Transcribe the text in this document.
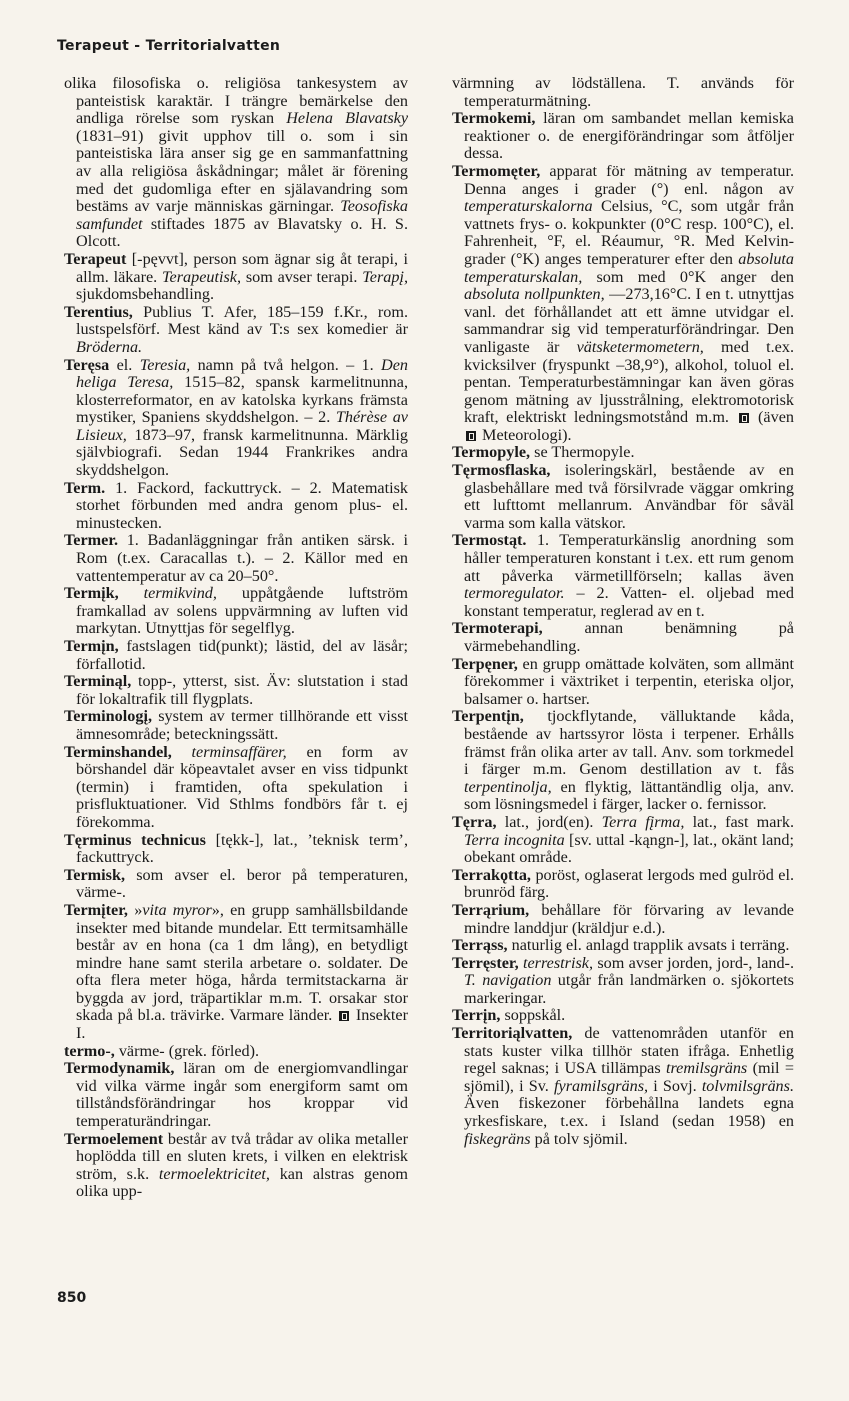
Terapeut - Territorialvatten

olika filosofiska o. religiösa tankesystem av panteistisk karaktär. I trängre bemärkelse den andliga rörelse som ryskan Helena Blavatsky (1831–91) givit upphov till o. som i sin panteistiska lära anser sig ge en sammanfattning av alla religiösa åskådningar; målet är förening med det gudomliga efter en själavandring som bestäms av varje människas gärningar. Teosofiska samfundet stiftades 1875 av Blavatsky o. H. S. Olcott.

Terapeut [-pęvvt], person som ägnar sig åt terapi, i allm. läkare. Terapeutisk, som avser terapi. Terapį, sjukdomsbehandling.

Terentius, Publius T. Afer, 185–159 f.Kr., rom. lustspelsförf. Mest känd av T:s sex komedier är Bröderna.

Teręsa el. Teresia, namn på två helgon. – 1. Den heliga Teresa, 1515–82, spansk karmelitnunna, klosterreformator, en av katolska kyrkans främsta mystiker, Spaniens skyddshelgon. – 2. Thérèse av Lisieux, 1873–97, fransk karmelitnunna. Märklig självbiografi. Sedan 1944 Frankrikes andra skyddshelgon.

Term. 1. Fackord, fackuttryck. – 2. Matematisk storhet förbunden med andra genom plus- el. minustecken.

Termer. 1. Badanläggningar från antiken särsk. i Rom (t.ex. Caracallas t.). – 2. Källor med en vattentemperatur av ca 20–50°.

Termįk, termikvind, uppåtgående luftström framkallad av solens uppvärmning av luften vid markytan. Utnyttjas för segelflyg.

Termįn, fastslagen tid(punkt); lästid, del av läsår; förfallotid.

Terminąl, topp-, ytterst, sist. Äv: slutstation i stad för lokaltrafik till flygplats.

Terminologį, system av termer tillhörande ett visst ämnesområde; beteckningssätt.

Terminshandel, terminsaffärer, en form av börshandel där köpeavtalet avser en viss tidpunkt (termin) i framtiden, ofta spekulation i prisfluktuationer. Vid Sthlms fondbörs får t. ej förekomma.

Tęrminus technicus [tękk-], lat., ’teknisk term’, fackuttryck.

Termisk, som avser el. beror på temperaturen, värme-.

Termįter, »vita myror», en grupp samhällsbildande insekter med bitande mundelar. Ett termitsamhälle består av en hona (ca 1 dm lång), en betydligt mindre hane samt sterila arbetare o. soldater. De ofta flera meter höga, hårda termitstackarna är byggda av jord, träpartiklar m.m. T. orsakar stor skada på bl.a. trävirke. Varmare länder.  Insekter I.

termo-, värme- (grek. förled).

Termodynamik, läran om de energiomvandlingar vid vilka värme ingår som energiform samt om tillståndsförändringar hos kroppar vid temperaturändringar.

Termoelement består av två trådar av olika metaller hoplödda till en sluten krets, i vilken en elektrisk ström, s.k. termoelektricitet, kan alstras genom olika upp-

värmning av lödställena. T. används för temperaturmätning.

Termokemi, läran om sambandet mellan kemiska reaktioner o. de energiförändringar som åtföljer dessa.

Termomęter, apparat för mätning av temperatur. Denna anges i grader (°) enl. någon av temperaturskalorna Celsius, °C, som utgår från vattnets frys- o. kokpunkter (0°C resp. 100°C), el. Fahrenheit, °F, el. Réaumur, °R. Med Kelvin-grader (°K) anges temperaturer efter den absoluta temperaturskalan, som med 0°K anger den absoluta nollpunkten, —273,16°C. I en t. utnyttjas vanl. det förhållandet att ett ämne utvidgar el. sammandrar sig vid temperaturförändringar. Den vanligaste är vätsketermometern, med t.ex. kvicksilver (fryspunkt –38,9°), alkohol, toluol el. pentan. Temperaturbestämningar kan även göras genom mätning av ljusstrålning, elektromotorisk kraft, elektriskt ledningsmotstånd m.m.  (även  Meteorologi).

Termopyle, se Thermopyle.

Tęrmosflaska, isoleringskärl, bestående av en glasbehållare med två försilvrade väggar omkring ett lufttomt mellanrum. Användbar för såväl varma som kalla vätskor.

Termostąt. 1. Temperaturkänslig anordning som håller temperaturen konstant i t.ex. ett rum genom att påverka värmetillförseln; kallas även termoregulator. – 2. Vatten- el. oljebad med konstant temperatur, reglerad av en t.

Termoterapi, annan benämning på värmebehandling.

Terpęner, en grupp omättade kolväten, som allmänt förekommer i växtriket i terpentin, eteriska oljor, balsamer o. hartser.

Terpentįn, tjockflytande, välluktande kåda, bestående av hartssyror lösta i terpener. Erhålls främst från olika arter av tall. Anv. som torkmedel i färger m.m. Genom destillation av t. fås terpentinolja, en flyktig, lättantändlig olja, anv. som lösningsmedel i färger, lacker o. fernissor.

Tęrra, lat., jord(en). Terra fįrma, lat., fast mark. Terra incognita [sv. uttal -kąngn-], lat., okänt land; obekant område.

Terrakǫtta, poröst, oglaserat lergods med gulröd el. brunröd färg.

Terrąrium, behållare för förvaring av levande mindre landdjur (kräldjur e.d.).

Terrąss, naturlig el. anlagd trapplik avsats i terräng.

Terręster, terrestrisk, som avser jorden, jord-, land-. T. navigation utgår från landmärken o. sjökortets markeringar.

Terrįn, soppskål.

Territoriąlvatten, de vattenområden utanför en stats kuster vilka tillhör staten ifråga. Enhetlig regel saknas; i USA tillämpas tremilsgräns (mil = sjömil), i Sv. fyramilsgräns, i Sovj. tolvmilsgräns. Även fiskezoner förbehållna landets egna yrkesfiskare, t.ex. i Island (sedan 1958) en fiskegräns på tolv sjömil.

850
